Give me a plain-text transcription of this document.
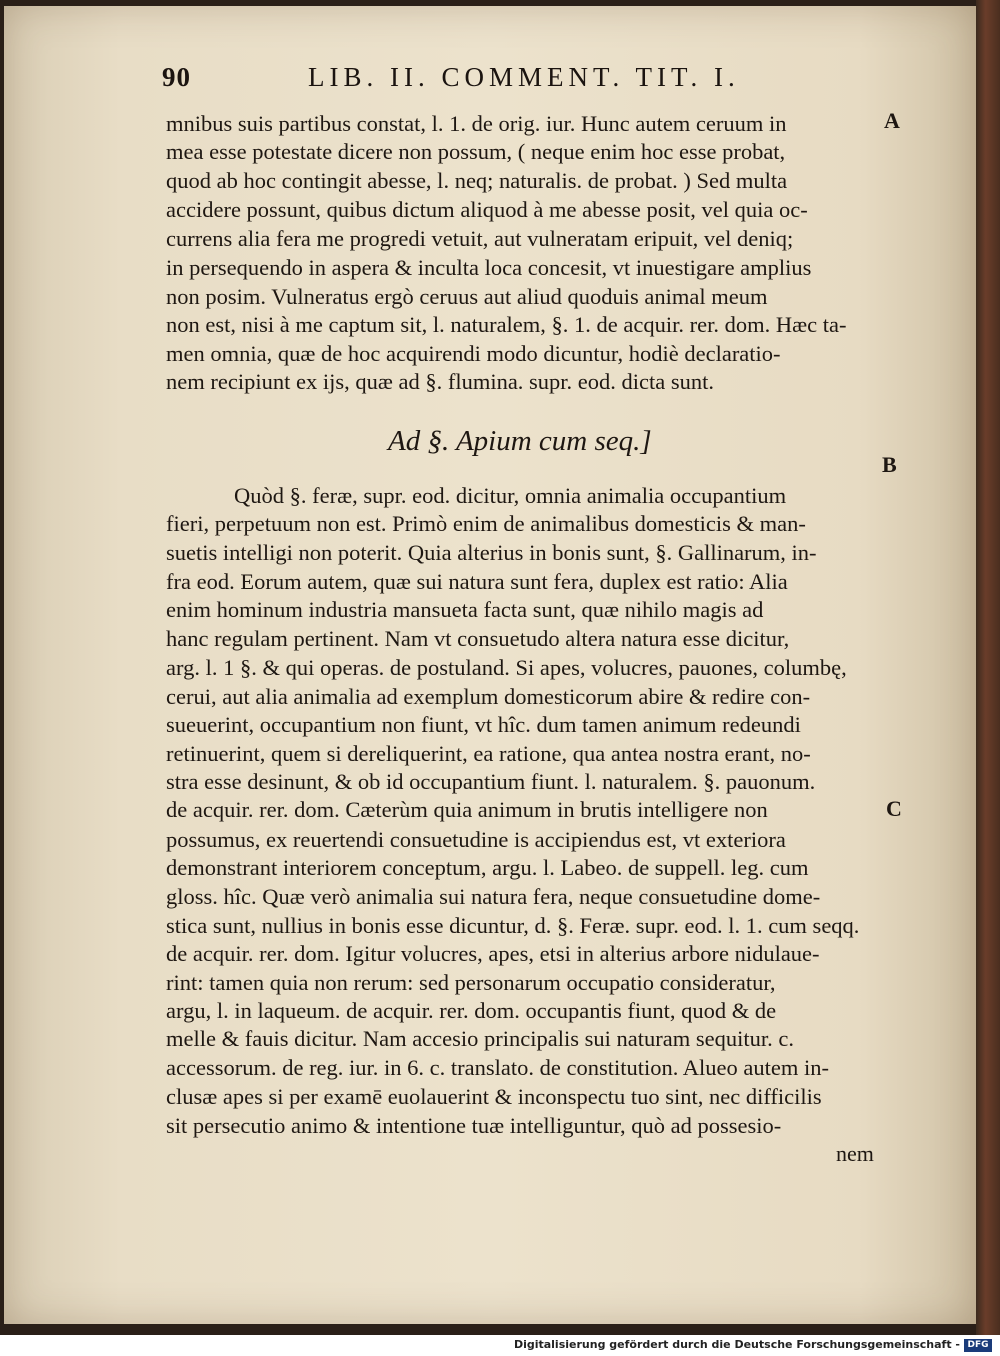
90	LIB. II. COMMENT. TIT. I.
A
B
C
mnibus suis partibus constat, l. 1. de orig. iur. Hunc autem ceruum in
mea esse potestate dicere non possum, ( neque enim hoc esse probat,
quod ab hoc contingit abesse, l. neq; naturalis. de probat. ) Sed multa
accidere possunt, quibus dictum aliquod à me abesse posit, vel quia oc-
currens alia fera me progredi vetuit, aut vulneratam eripuit, vel deniq;
in persequendo in aspera & inculta loca concesit, vt inuestigare amplius
non posim. Vulneratus ergò ceruus aut aliud quoduis animal meum
non est, nisi à me captum sit, l. naturalem, §. 1. de acquir. rer. dom. Hæc ta-
men omnia, quæ de hoc acquirendi modo dicuntur, hodiè declaratio-
nem recipiunt ex ijs, quæ ad §. flumina. supr. eod. dicta sunt.
Ad §. Apium cum seq.]
Quòd §. feræ, supr. eod. dicitur, omnia animalia occupantium
fieri, perpetuum non est. Primò enim de animalibus domesticis & man-
suetis intelligi non poterit. Quia alterius in bonis sunt, §. Gallinarum, in-
fra eod. Eorum autem, quæ sui natura sunt fera, duplex est ratio: Alia
enim hominum industria mansueta facta sunt, quæ nihilo magis ad
hanc regulam pertinent. Nam vt consuetudo altera natura esse dicitur,
arg. l. 1 §. & qui operas. de postuland. Si apes, volucres, pauones, columbę,
cerui, aut alia animalia ad exemplum domesticorum abire & redire con-
sueuerint, occupantium non fiunt, vt hîc. dum tamen animum redeundi
retinuerint, quem si dereliquerint, ea ratione, qua antea nostra erant, no-
stra esse desinunt, & ob id occupantium fiunt. l. naturalem. §. pauonum.
de acquir. rer. dom. Cæterùm quia animum in brutis intelligere non
possumus, ex reuertendi consuetudine is accipiendus est, vt exteriora
demonstrant interiorem conceptum, argu. l. Labeo. de suppell. leg. cum
gloss. hîc. Quæ verò animalia sui natura fera, neque consuetudine dome-
stica sunt, nullius in bonis esse dicuntur, d. §. Feræ. supr. eod. l. 1. cum seqq.
de acquir. rer. dom. Igitur volucres, apes, etsi in alterius arbore nidulaue-
rint: tamen quia non rerum: sed personarum occupatio consideratur,
argu, l. in laqueum. de acquir. rer. dom. occupantis fiunt, quod & de
melle & fauis dicitur. Nam accesio principalis sui naturam sequitur. c.
accessorum. de reg. iur. in 6. c. translato. de constitution. Alueo autem in-
clusæ apes si per examē euolauerint & inconspectu tuo sint, nec difficilis
sit persecutio animo & intentione tuæ intelliguntur, quò ad possesio-
nem
Digitalisierung gefördert durch die Deutsche Forschungsgemeinschaft - DFG
